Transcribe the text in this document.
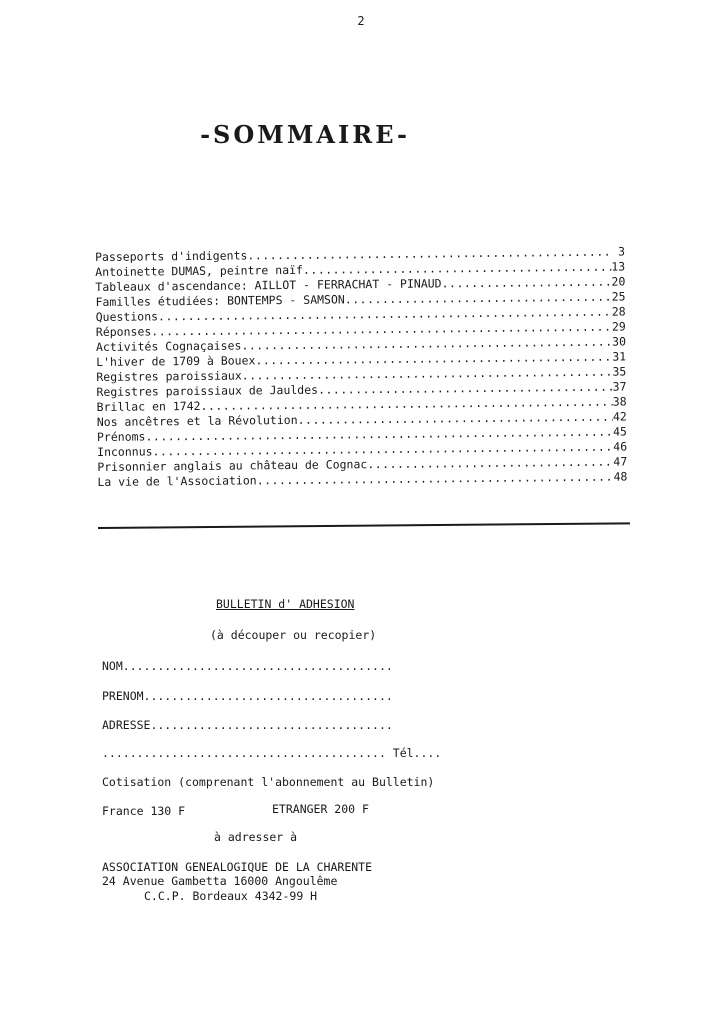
2
-SOMMAIRE-
Passeports d'indigents .....	3
Antoinette DUMAS, peintre naïf .....	13
Tableaux d'ascendance: AILLOT - FERRACHAT - PINAUD .....	20
Familles étudiées: BONTEMPS - SAMSON .....	25
Questions .....	28
Réponses .....	29
Activités Cognaçaises .....	30
L'hiver de 1709 à Bouex .....	31
Registres paroissiaux .....	35
Registres paroissiaux de Jauldes .....	37
Brillac en 1742 .....	38
Nos ancêtres et la Révolution .....	42
Prénoms .....	45
Inconnus .....	46
Prisonnier anglais au château de Cognac .....	47
La vie de l'Association .....	48
BULLETIN d' ADHESION
(à découper ou recopier)
NOM.......................................
PRENOM....................................
ADRESSE...................................
......................................... Tél....
Cotisation (comprenant l'abonnement au Bulletin)
France 130 F	ETRANGER 200 F
à adresser à
ASSOCIATION GENEALOGIQUE DE LA CHARENTE
24 Avenue Gambetta 16000 Angoulême
C.C.P. Bordeaux 4342-99 H
